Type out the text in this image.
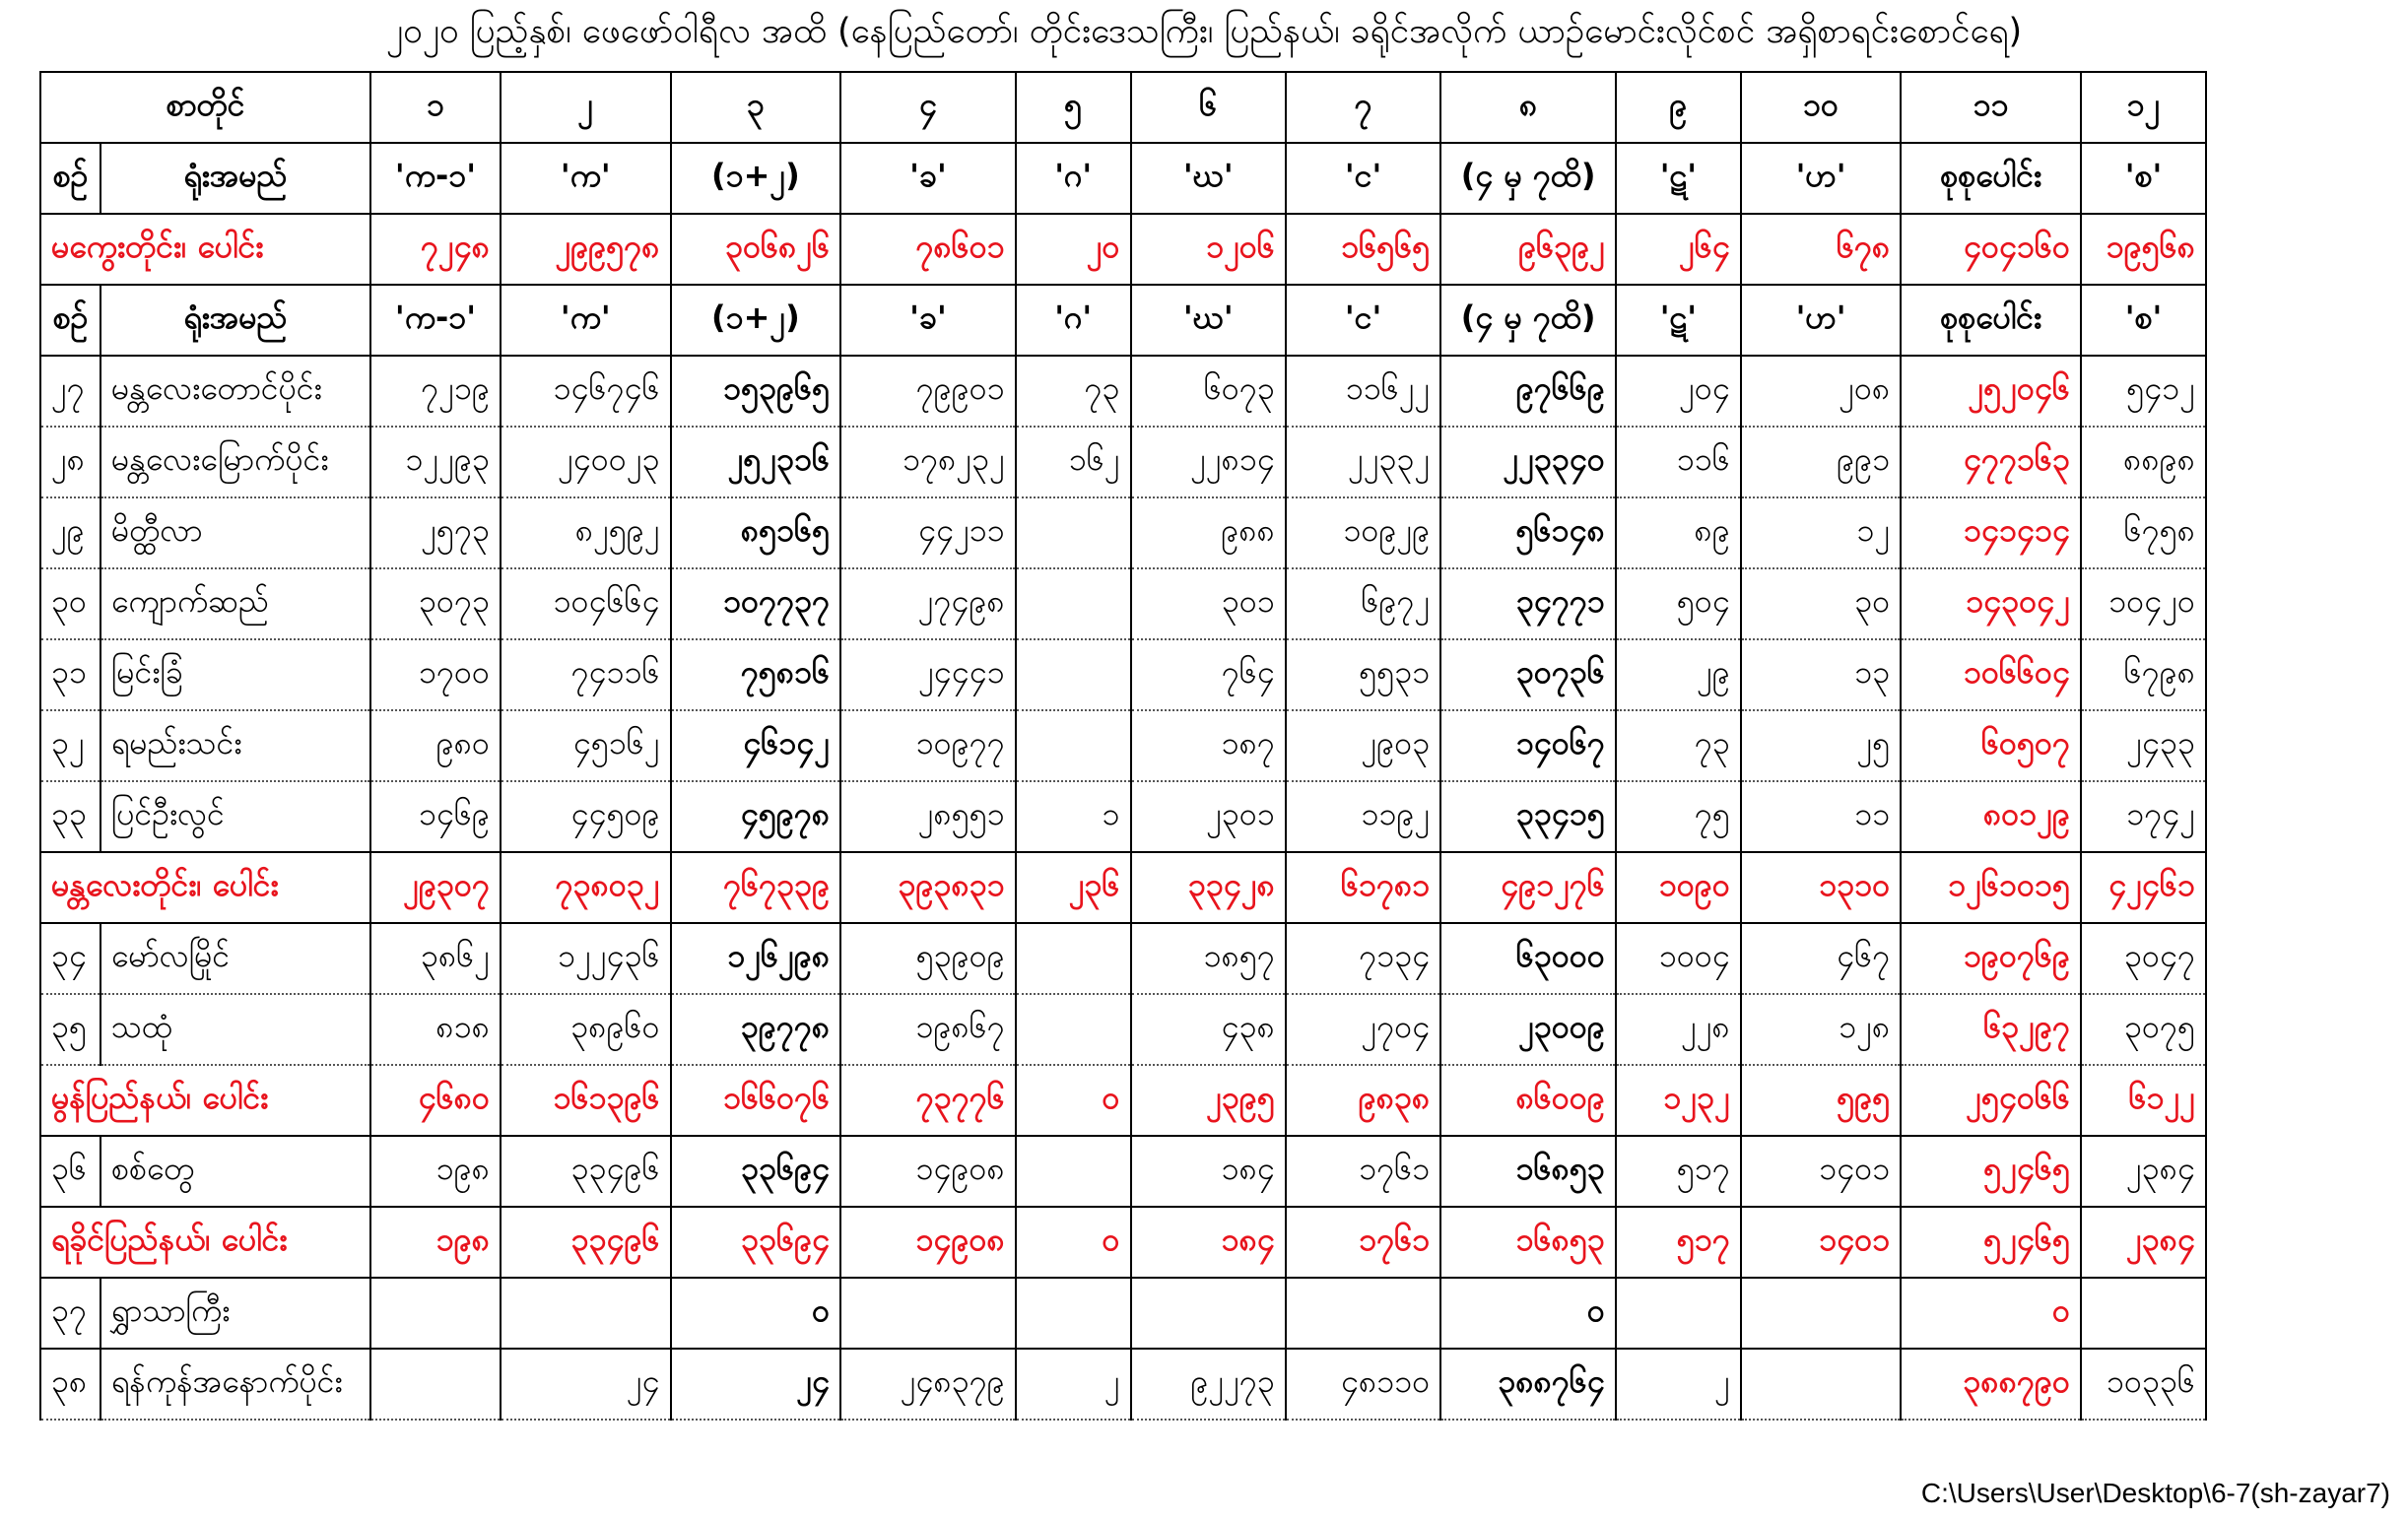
၂၀၂၀ ပြည့်နှစ်၊ ဖေဖော်ဝါရီလ အထိ (နေပြည်တော်၊ တိုင်းဒေသကြီး၊ ပြည်နယ်၊ ခရိုင်အလိုက် ယာဉ်မောင်းလိုင်စင် အရှိစာရင်းစောင်ရေ)
စာတိုင်		၁	၂	၃	၄	၅	၆	၇	၈	၉	၁၀	၁၁	၁၂
စဉ်	ရုံးအမည်	'က-၁'	'က'	(၁+၂)	'ခ'	'ဂ'	'ဃ'	'င'	(၄ မှ ၇ထိ)	'ဋ'	'ဟ'	စုစုပေါင်း	'စ'
မကွေးတိုင်း၊ ပေါင်း		၇၂၄၈	၂၉၉၅၇၈	၃၀၆၈၂၆	၇၈၆၀၁	၂၀	၁၂၀၆	၁၆၅၆၅	၉၆၃၉၂	၂၆၄	၆၇၈	၄၀၄၁၆၀	၁၉၅၆၈
စဉ်	ရုံးအမည်	'က-၁'	'က'	(၁+၂)	'ခ'	'ဂ'	'ဃ'	'င'	(၄ မှ ၇ထိ)	'ဋ'	'ဟ'	စုစုပေါင်း	'စ'
၂၇	မန္တလေးတောင်ပိုင်း	၇၂၁၉	၁၄၆၇၄၆	၁၅၃၉၆၅	၇၉၉၀၁	၇၃	၆၀၇၃	၁၁၆၂၂	၉၇၆၆၉	၂၀၄	၂၀၈	၂၅၂၀၄၆	၅၄၁၂
၂၈	မန္တလေးမြောက်ပိုင်း	၁၂၂၉၃	၂၄၀၀၂၃	၂၅၂၃၁၆	၁၇၈၂၃၂	၁၆၂	၂၂၈၁၄	၂၂၃၃၂	၂၂၃၃၄၀	၁၁၆	၉၉၁	၄၇၇၁၆၃	၈၈၉၈
၂၉	မိတ္ထီလာ	၂၅၇၃	၈၂၅၉၂	၈၅၁၆၅	၄၄၂၁၁		၉၈၈	၁၀၉၂၉	၅၆၁၄၈	၈၉	၁၂	၁၄၁၄၁၄	၆၇၅၈
၃၀	ကျောက်ဆည်	၃၀၇၃	၁၀၄၆၆၄	၁၀၇၇၃၇	၂၇၄၉၈		၃၀၁	၆၉၇၂	၃၄၇၇၁	၅၀၄	၃၀	၁၄၃၀၄၂	၁၀၄၂၀
၃၁	မြင်းခြံ	၁၇၀၀	၇၄၁၁၆	၇၅၈၁၆	၂၄၄၄၁		၇၆၄	၅၅၃၁	၃၀၇၃၆	၂၉	၁၃	၁၀၆၆၀၄	၆၇၉၈
၃၂	ရမည်းသင်း	၉၈၀	၄၅၁၆၂	၄၆၁၄၂	၁၀၉၇၇		၁၈၇	၂၉၀၃	၁၄၀၆၇	၇၃	၂၅	၆၀၅၀၇	၂၄၃၃
၃၃	ပြင်ဦးလွင်	၁၄၆၉	၄၄၅၀၉	၄၅၉၇၈	၂၈၅၅၁	၁	၂၃၀၁	၁၁၉၂	၃၃၄၁၅	၇၅	၁၁	၈၀၁၂၉	၁၇၄၂
မန္တလေးတိုင်း၊ ပေါင်း		၂၉၃၀၇	၇၃၈၀၃၂	၇၆၇၃၃၉	၃၉၃၈၃၁	၂၃၆	၃၃၄၂၈	၆၁၇၈၁	၄၉၁၂၇၆	၁၀၉၀	၁၃၁၀	၁၂၆၁၀၁၅	၄၂၄၆၁
၃၄	မော်လမြိုင်	၃၈၆၂	၁၂၂၄၃၆	၁၂၆၂၉၈	၅၃၉၀၉		၁၈၅၇	၇၁၃၄	၆၃၀၀၀	၁၀၀၄	၄၆၇	၁၉၀၇၆၉	၃၀၄၇
၃၅	သထုံ	၈၁၈	၃၈၉၆၀	၃၉၇၇၈	၁၉၈၆၇		၄၃၈	၂၇၀၄	၂၃၀၀၉	၂၂၈	၁၂၈	၆၃၂၉၇	၃၀၇၅
မွန်ပြည်နယ်၊ ပေါင်း		၄၆၈၀	၁၆၁၃၉၆	၁၆၆၀၇၆	၇၃၇၇၆	၀	၂၃၉၅	၉၈၃၈	၈၆၀၀၉	၁၂၃၂	၅၉၅	၂၅၄၀၆၆	၆၁၂၂
၃၆	စစ်တွေ	၁၉၈	၃၃၄၉၆	၃၃၆၉၄	၁၄၉၀၈		၁၈၄	၁၇၆၁	၁၆၈၅၃	၅၁၇	၁၄၀၁	၅၂၄၆၅	၂၃၈၄
ရခိုင်ပြည်နယ်၊ ပေါင်း		၁၉၈	၃၃၄၉၆	၃၃၆၉၄	၁၄၉၀၈	၀	၁၈၄	၁၇၆၁	၁၆၈၅၃	၅၁၇	၁၄၀၁	၅၂၄၆၅	၂၃၈၄
၃၇	ရွှာသာကြီး			၀					၀			၀	
၃၈	ရန်ကုန်အနောက်ပိုင်း		၂၄	၂၄	၂၄၈၃၇၉	၂	၉၂၂၇၃	၄၈၁၁၀	၃၈၈၇၆၄	၂		၃၈၈၇၉၀	၁၀၃၃၆
C:\Users\User\Desktop\6-7(sh-zayar7)
